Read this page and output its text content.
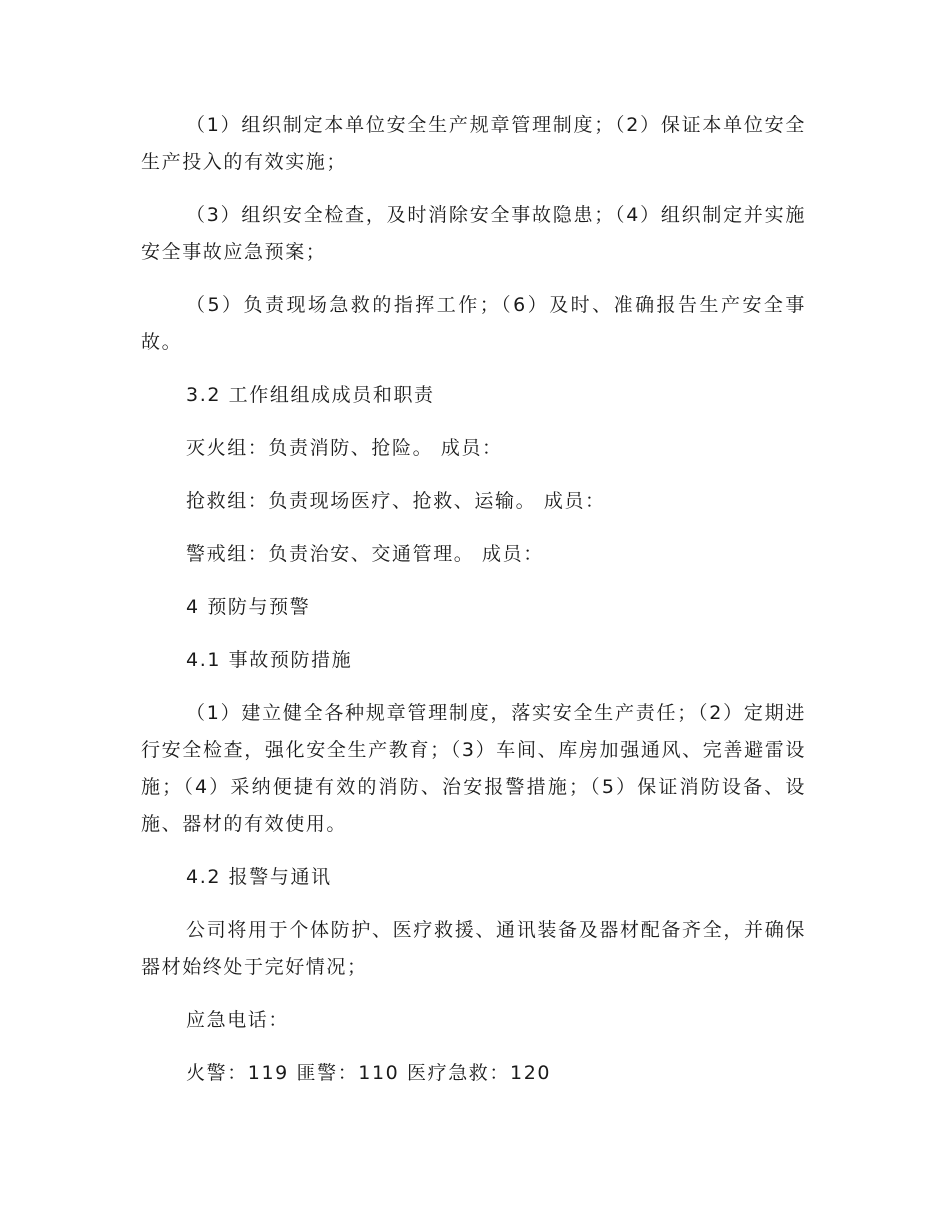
（1）组织制定本单位安全生产规章管理制度；（2）保证本单位安全生产投入的有效实施；

（3）组织安全检查，及时消除安全事故隐患；（4）组织制定并实施安全事故应急预案；

（5）负责现场急救的指挥工作；（6）及时、准确报告生产安全事故。

3.2 工作组组成成员和职责

灭火组：负责消防、抢险。 成员：

抢救组：负责现场医疗、抢救、运输。 成员：

警戒组：负责治安、交通管理。 成员：

4 预防与预警

4.1 事故预防措施

（1）建立健全各种规章管理制度，落实安全生产责任；（2）定期进行安全检查，强化安全生产教育；（3）车间、库房加强通风、完善避雷设施；（4）采纳便捷有效的消防、治安报警措施；（5）保证消防设备、设施、器材的有效使用。

4.2 报警与通讯

公司将用于个体防护、医疗救援、通讯装备及器材配备齐全，并确保器材始终处于完好情况；

应急电话：

火警：119 匪警：110 医疗急救：120
